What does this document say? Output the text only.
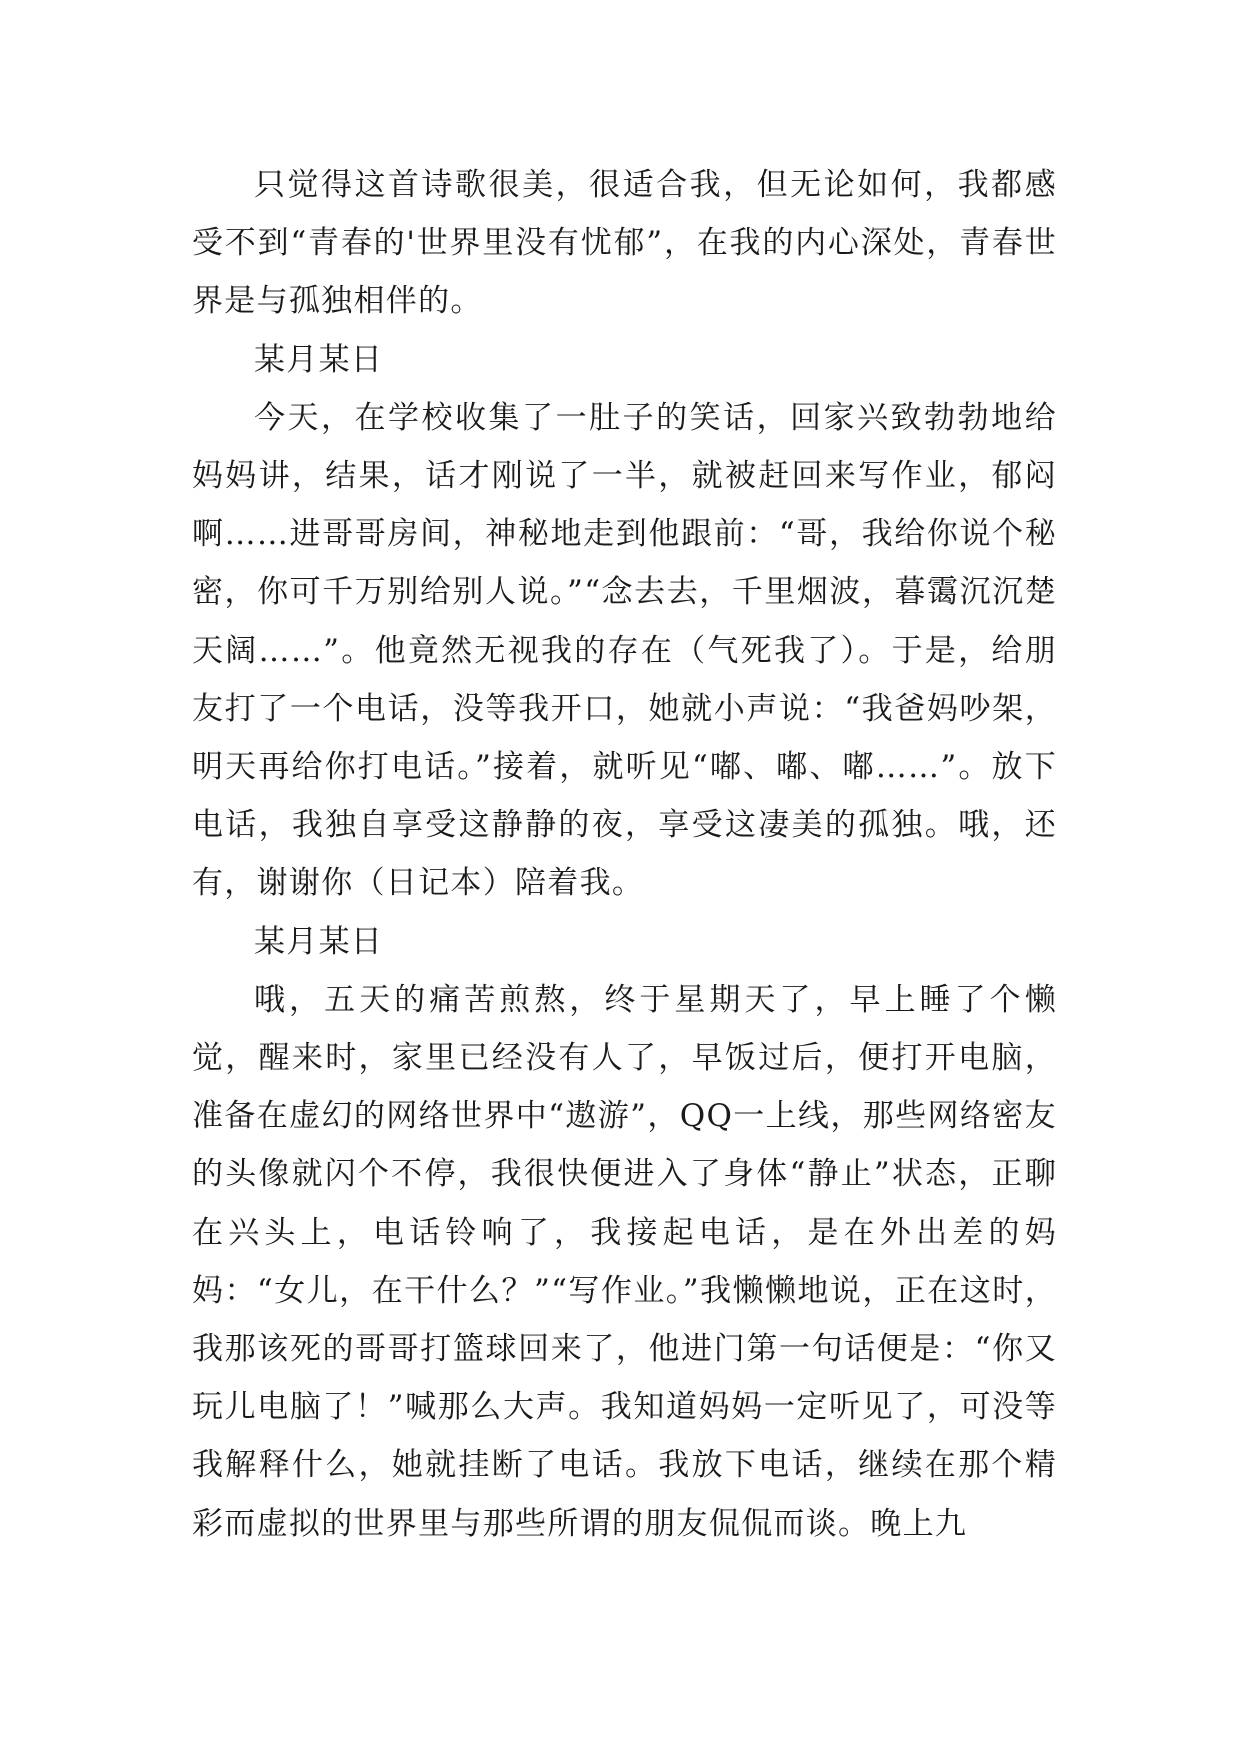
只觉得这首诗歌很美，很适合我，但无论如何，我都感受不到“青春的'世界里没有忧郁”，在我的内心深处，青春世界是与孤独相伴的。

某月某日

今天，在学校收集了一肚子的笑话，回家兴致勃勃地给妈妈讲，结果，话才刚说了一半，就被赶回来写作业，郁闷啊……进哥哥房间，神秘地走到他跟前：“哥，我给你说个秘密，你可千万别给别人说。”“念去去，千里烟波，暮霭沉沉楚天阔……”。他竟然无视我的存在（气死我了）。于是，给朋友打了一个电话，没等我开口，她就小声说：“我爸妈吵架，明天再给你打电话。”接着，就听见“嘟、嘟、嘟……”。放下电话，我独自享受这静静的夜，享受这凄美的孤独。哦，还有，谢谢你（日记本）陪着我。

某月某日

哦，五天的痛苦煎熬，终于星期天了，早上睡了个懒觉，醒来时，家里已经没有人了，早饭过后，便打开电脑，准备在虚幻的网络世界中“遨游”，QQ一上线，那些网络密友的头像就闪个不停，我很快便进入了身体“静止”状态，正聊在兴头上，电话铃响了，我接起电话，是在外出差的妈妈：“女儿，在干什么？”“写作业。”我懒懒地说，正在这时，我那该死的哥哥打篮球回来了，他进门第一句话便是：“你又玩儿电脑了！”喊那么大声。我知道妈妈一定听见了，可没等我解释什么，她就挂断了电话。我放下电话，继续在那个精彩而虚拟的世界里与那些所谓的朋友侃侃而谈。晚上九
